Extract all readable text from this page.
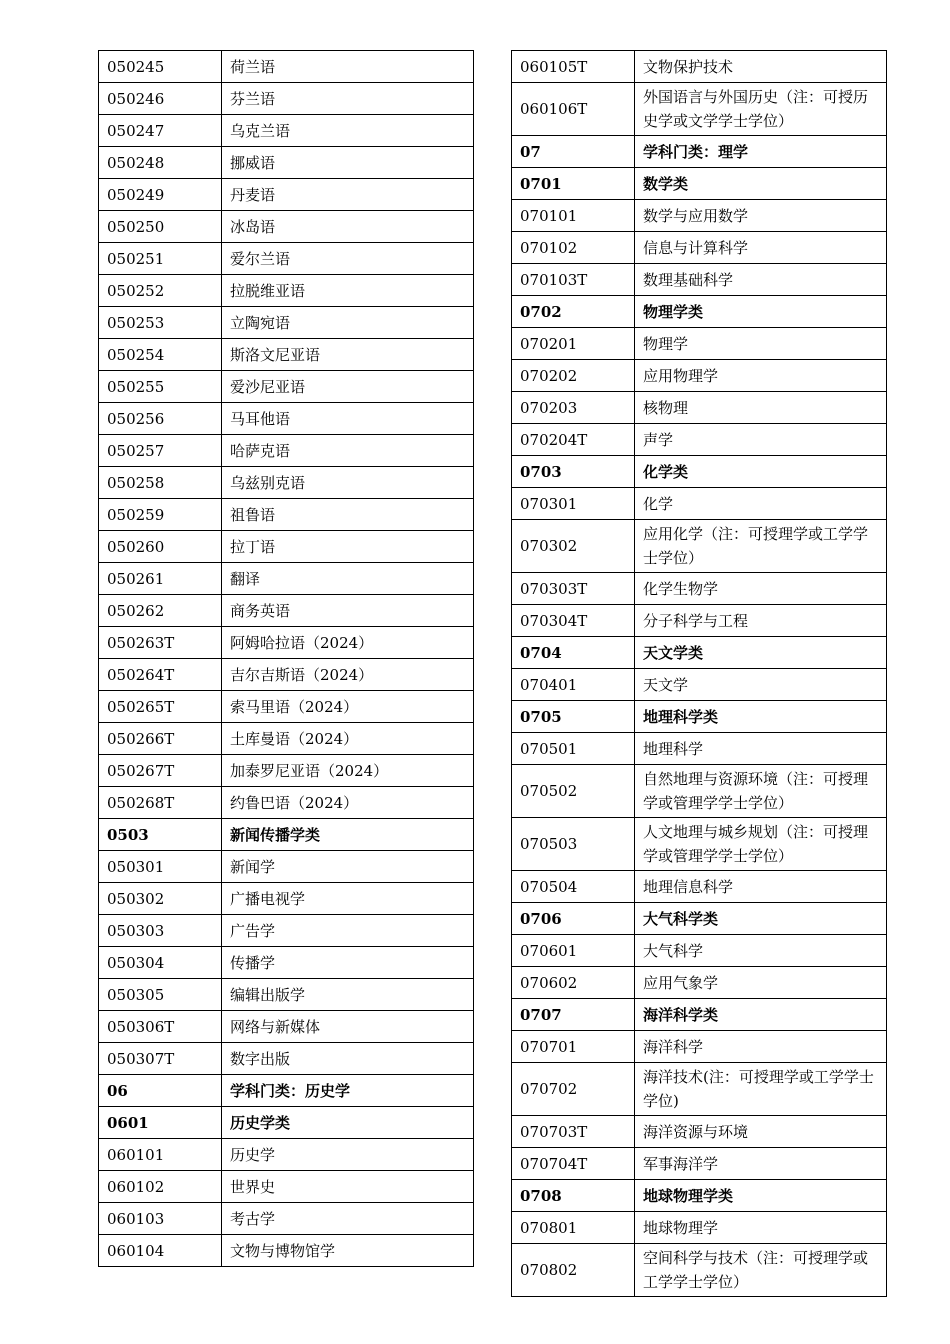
050245	荷兰语
050246	芬兰语
050247	乌克兰语
050248	挪威语
050249	丹麦语
050250	冰岛语
050251	爱尔兰语
050252	拉脱维亚语
050253	立陶宛语
050254	斯洛文尼亚语
050255	爱沙尼亚语
050256	马耳他语
050257	哈萨克语
050258	乌兹别克语
050259	祖鲁语
050260	拉丁语
050261	翻译
050262	商务英语
050263T	阿姆哈拉语（2024）
050264T	吉尔吉斯语（2024）
050265T	索马里语（2024）
050266T	土库曼语（2024）
050267T	加泰罗尼亚语（2024）
050268T	约鲁巴语（2024）
0503	新闻传播学类
050301	新闻学
050302	广播电视学
050303	广告学
050304	传播学
050305	编辑出版学
050306T	网络与新媒体
050307T	数字出版
06	学科门类：历史学
0601	历史学类
060101	历史学
060102	世界史
060103	考古学
060104	文物与博物馆学
060105T	文物保护技术
060106T	外国语言与外国历史（注：可授历史学或文学学士学位）
07	学科门类：理学
0701	数学类
070101	数学与应用数学
070102	信息与计算科学
070103T	数理基础科学
0702	物理学类
070201	物理学
070202	应用物理学
070203	核物理
070204T	声学
0703	化学类
070301	化学
070302	应用化学（注：可授理学或工学学士学位）
070303T	化学生物学
070304T	分子科学与工程
0704	天文学类
070401	天文学
0705	地理科学类
070501	地理科学
070502	自然地理与资源环境（注：可授理学或管理学学士学位）
070503	人文地理与城乡规划（注：可授理学或管理学学士学位）
070504	地理信息科学
0706	大气科学类
070601	大气科学
070602	应用气象学
0707	海洋科学类
070701	海洋科学
070702	海洋技术(注：可授理学或工学学士学位)
070703T	海洋资源与环境
070704T	军事海洋学
0708	地球物理学类
070801	地球物理学
070802	空间科学与技术（注：可授理学或工学学士学位）
